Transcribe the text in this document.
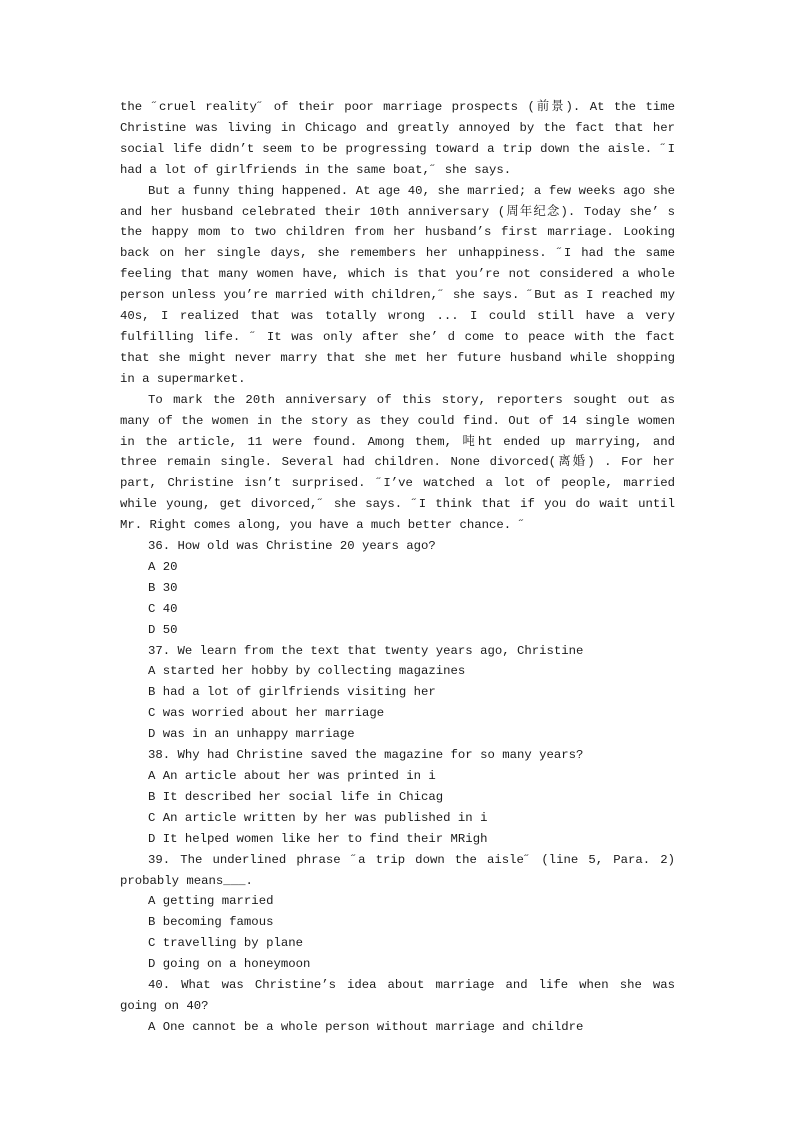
the ˝cruel reality˝ of their poor marriage prospects (前景). At the time Christine was living in Chicago and greatly annoyed by the fact that her social life didn’t seem to be progressing toward a trip down the aisle. ˝I had a lot of girlfriends in the same boat,˝ she says.

But a funny thing happened. At age 40, she married; a few weeks ago she and her husband celebrated their 10th anniversary (周年纪念). Today she’ s the happy mom to two children from her husband’s first marriage. Looking back on her single days, she remembers her unhappiness. ˝I had the same feeling that many women have, which is that you’re not considered a whole person unless you’re married with children,˝ she says. ˝But as I reached my 40s, I realized that was totally wrong ... I could still have a very fulfilling life. ˝ It was only after she’ d come to peace with the fact that she might never marry that she met her future husband while shopping in a supermarket.

To mark the 20th anniversary of this story, reporters sought out as many of the women in the story as they could find. Out of 14 single women in the article, 11 were found. Among them, 吨ht ended up marrying, and three remain single. Several had children. None divorced(离婚) . For her part, Christine isn’t surprised. ˝I’ve watched a lot of people, married while young, get divorced,˝ she says. ˝I think that if you do wait until Mr. Right comes along, you have a much better chance. ˝

36. How old was Christine 20 years ago?

A 20

B 30

C 40

D 50

37. We learn from the text that twenty years ago, Christine

A started her hobby by collecting magazines

B had a lot of girlfriends visiting her

C was worried about her marriage

D was in an unhappy marriage

38. Why had Christine saved the magazine for so many years?

A An article about her was printed in i

B It described her social life in Chicag

C An article written by her was published in i

D It helped women like her to find their MRigh

39. The underlined phrase ˝a trip down the aisle˝ (line 5, Para. 2) probably means___.

A getting married

B becoming famous

C travelling by plane

D going on a honeymoon

40. What was Christine’s idea about marriage and life when she was going on 40?

A One cannot be a whole person without marriage and childre
